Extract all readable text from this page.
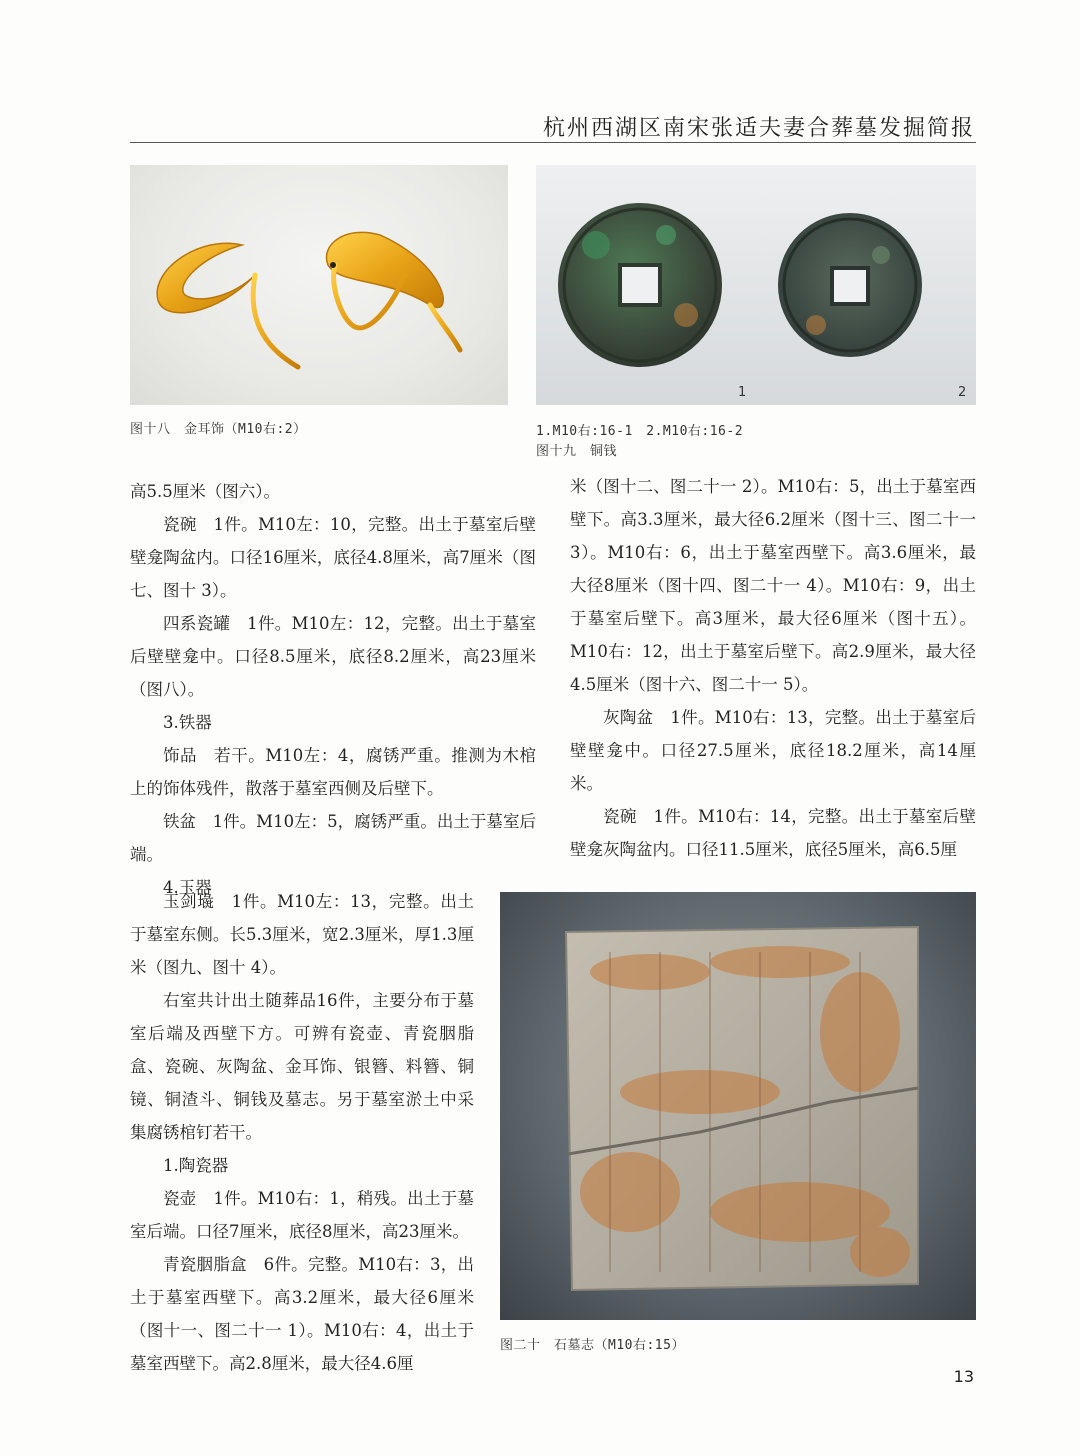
杭州西湖区南宋张适夫妻合葬墓发掘简报
图十八　金耳饰（M10右:2）
1	2
1.M10右:16-1　2.M10右:16-2
图十九　铜钱

高5.5厘米（图六）。

瓷碗　1件。M10左：10，完整。出土于墓室后壁壁龛陶盆内。口径16厘米，底径4.8厘米，高7厘米（图七、图十 3）。

四系瓷罐　1件。M10左：12，完整。出土于墓室后壁壁龛中。口径8.5厘米，底径8.2厘米，高23厘米（图八）。

3.铁器

饰品　若干。M10左：4，腐锈严重。推测为木棺上的饰体残件，散落于墓室西侧及后壁下。

铁盆　1件。M10左：5，腐锈严重。出土于墓室后端。

4.玉器

玉剑璏　1件。M10左：13，完整。出土于墓室东侧。长5.3厘米，宽2.3厘米，厚1.3厘米（图九、图十 4）。

右室共计出土随葬品16件，主要分布于墓室后端及西壁下方。可辨有瓷壶、青瓷胭脂盒、瓷碗、灰陶盆、金耳饰、银簪、料簪、铜镜、铜渣斗、铜钱及墓志。另于墓室淤土中采集腐锈棺钉若干。

1.陶瓷器

瓷壶　1件。M10右：1，稍残。出土于墓室后端。口径7厘米，底径8厘米，高23厘米。

青瓷胭脂盒　6件。完整。M10右：3，出土于墓室西壁下。高3.2厘米，最大径6厘米（图十一、图二十一 1）。M10右：4，出土于墓室西壁下。高2.8厘米，最大径4.6厘

米（图十二、图二十一 2）。M10右：5，出土于墓室西壁下。高3.3厘米，最大径6.2厘米（图十三、图二十一 3）。M10右：6，出土于墓室西壁下。高3.6厘米，最大径8厘米（图十四、图二十一 4）。M10右：9，出土于墓室后壁下。高3厘米，最大径6厘米（图十五）。M10右：12，出土于墓室后壁下。高2.9厘米，最大径4.5厘米（图十六、图二十一 5）。

灰陶盆　1件。M10右：13，完整。出土于墓室后壁壁龛中。口径27.5厘米，底径18.2厘米，高14厘米。

瓷碗　1件。M10右：14，完整。出土于墓室后壁壁龛灰陶盆内。口径11.5厘米，底径5厘米，高6.5厘

图二十　石墓志（M10右:15）
13
